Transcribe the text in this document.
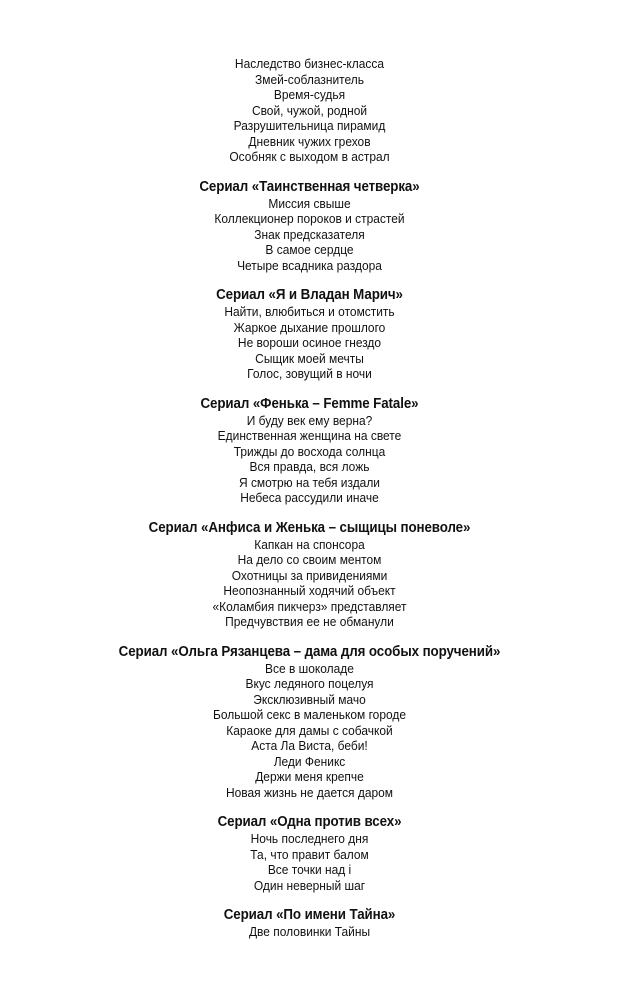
Наследство бизнес-класса
Змей-соблазнитель
Время-судья
Свой, чужой, родной
Разрушительница пирамид
Дневник чужих грехов
Особняк с выходом в астрал
Сериал «Таинственная четверка»
Миссия свыше
Коллекционер пороков и страстей
Знак предсказателя
В самое сердце
Четыре всадника раздора
Сериал «Я и Владан Марич»
Найти, влюбиться и отомстить
Жаркое дыхание прошлого
Не вороши осиное гнездо
Сыщик моей мечты
Голос, зовущий в ночи
Сериал «Фенька – Femme Fatale»
И буду век ему верна?
Единственная женщина на свете
Трижды до восхода солнца
Вся правда, вся ложь
Я смотрю на тебя издали
Небеса рассудили иначе
Сериал «Анфиса и Женька – сыщицы поневоле»
Капкан на спонсора
На дело со своим ментом
Охотницы за привидениями
Неопознанный ходячий объект
«Коламбия пикчерз» представляет
Предчувствия ее не обманули
Сериал «Ольга Рязанцева – дама для особых поручений»
Все в шоколаде
Вкус ледяного поцелуя
Эксклюзивный мачо
Большой секс в маленьком городе
Караоке для дамы с собачкой
Аста Ла Виста, беби!
Леди Феникс
Держи меня крепче
Новая жизнь не дается даром
Сериал «Одна против всех»
Ночь последнего дня
Та, что правит балом
Все точки над i
Один неверный шаг
Сериал «По имени Тайна»
Две половинки Тайны
